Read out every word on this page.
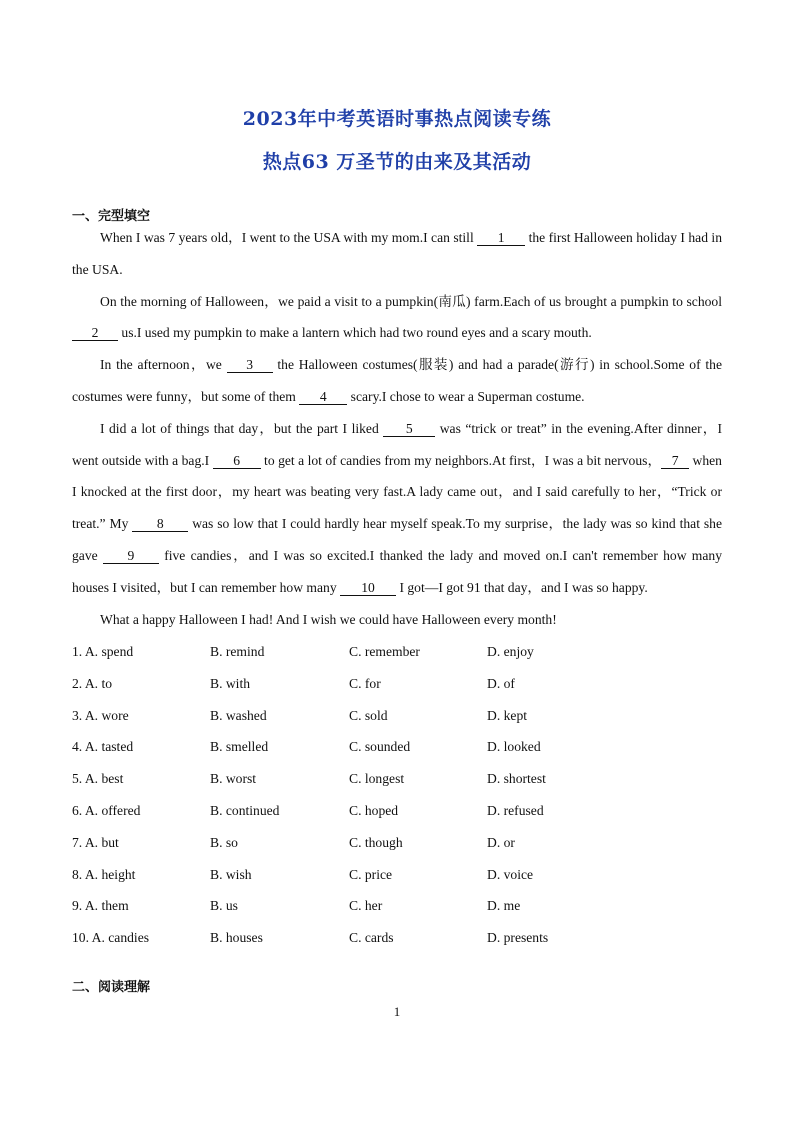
2023年中考英语时事热点阅读专练
热点63 万圣节的由来及其活动
一、完型填空

When I was 7 years old，I went to the USA with my mom.I can still 1 the first Halloween holiday I had in the USA.

On the morning of Halloween，we paid a visit to a pumpkin(南瓜) farm.Each of us brought a pumpkin to school 2 us.I used my pumpkin to make a lantern which had two round eyes and a scary mouth.

In the afternoon，we 3 the Halloween costumes(服装) and had a parade(游行) in school.Some of the costumes were funny，but some of them 4 scary.I chose to wear a Superman costume.

I did a lot of things that day，but the part I liked 5 was “trick or treat” in the evening.After dinner，I went outside with a bag.I 6 to get a lot of candies from my neighbors.At first，I was a bit nervous， 7 when I knocked at the first door，my heart was beating very fast.A lady came out，and I said carefully to her，“Trick or treat.” My 8 was so low that I could hardly hear myself speak.To my surprise，the lady was so kind that she gave 9 five candies，and I was so excited.I thanked the lady and moved on.I can't remember how many houses I visited，but I can remember how many 10 I got—I got 91 that day，and I was so happy.

What a happy Halloween I had! And I wish we could have Halloween every month!

1. A. spend	B. remind	C. remember	D. enjoy
2. A. to	B. with	C. for	D. of
3. A. wore	B. washed	C. sold	D. kept
4. A. tasted	B. smelled	C. sounded	D. looked
5. A. best	B. worst	C. longest	D. shortest
6. A. offered	B. continued	C. hoped	D. refused
7. A. but	B. so	C. though	D. or
8. A. height	B. wish	C. price	D. voice
9. A. them	B. us	C. her	D. me
10. A. candies	B. houses	C. cards	D. presents
二、阅读理解
1
